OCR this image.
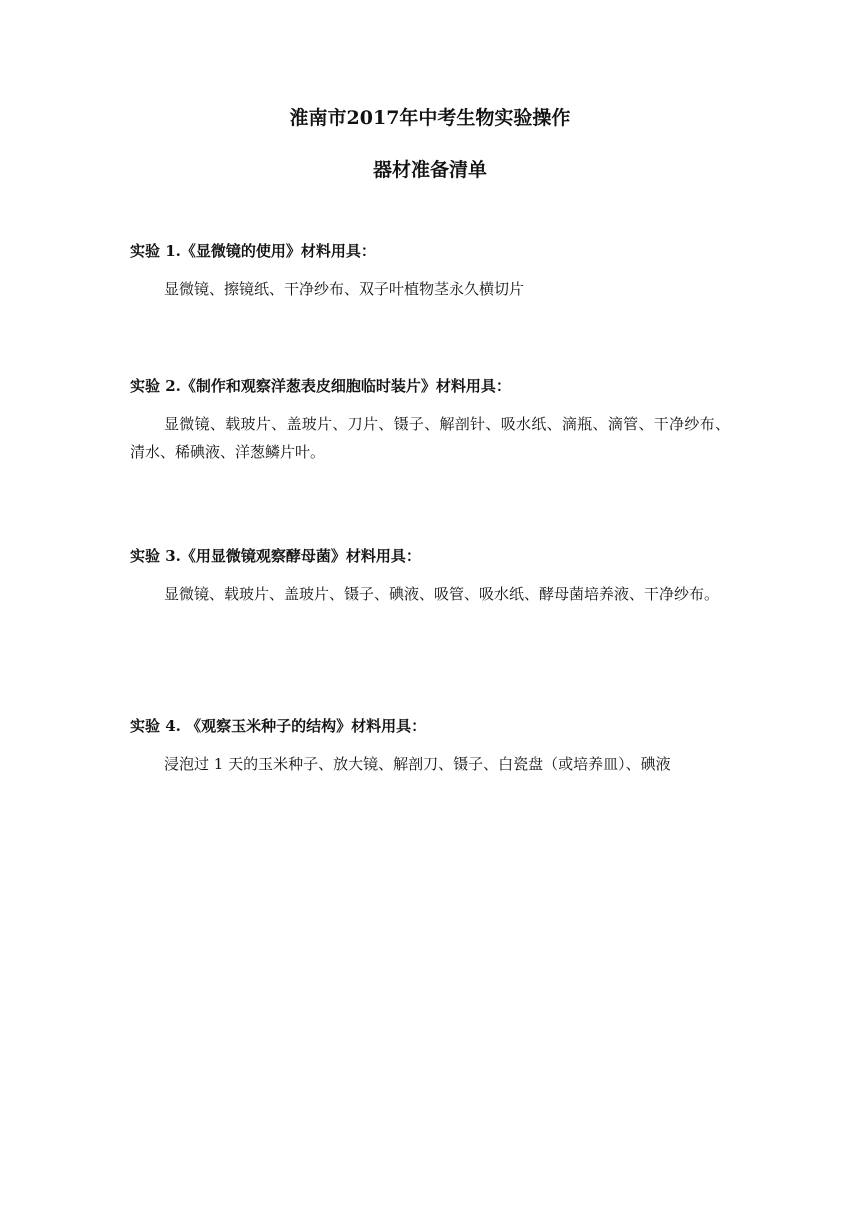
淮南市2017年中考生物实验操作
器材准备清单
实验 1.《显微镜的使用》材料用具：
显微镜、擦镜纸、干净纱布、双子叶植物茎永久横切片
实验 2.《制作和观察洋葱表皮细胞临时装片》材料用具：
显微镜、载玻片、盖玻片、刀片、镊子、解剖针、吸水纸、滴瓶、滴管、干净纱布、清水、稀碘液、洋葱鳞片叶。
实验 3.《用显微镜观察酵母菌》材料用具：
显微镜、载玻片、盖玻片、镊子、碘液、吸管、吸水纸、酵母菌培养液、干净纱布。
实验 4. 《观察玉米种子的结构》材料用具：
浸泡过 1 天的玉米种子、放大镜、解剖刀、镊子、白瓷盘（或培养皿）、碘液
